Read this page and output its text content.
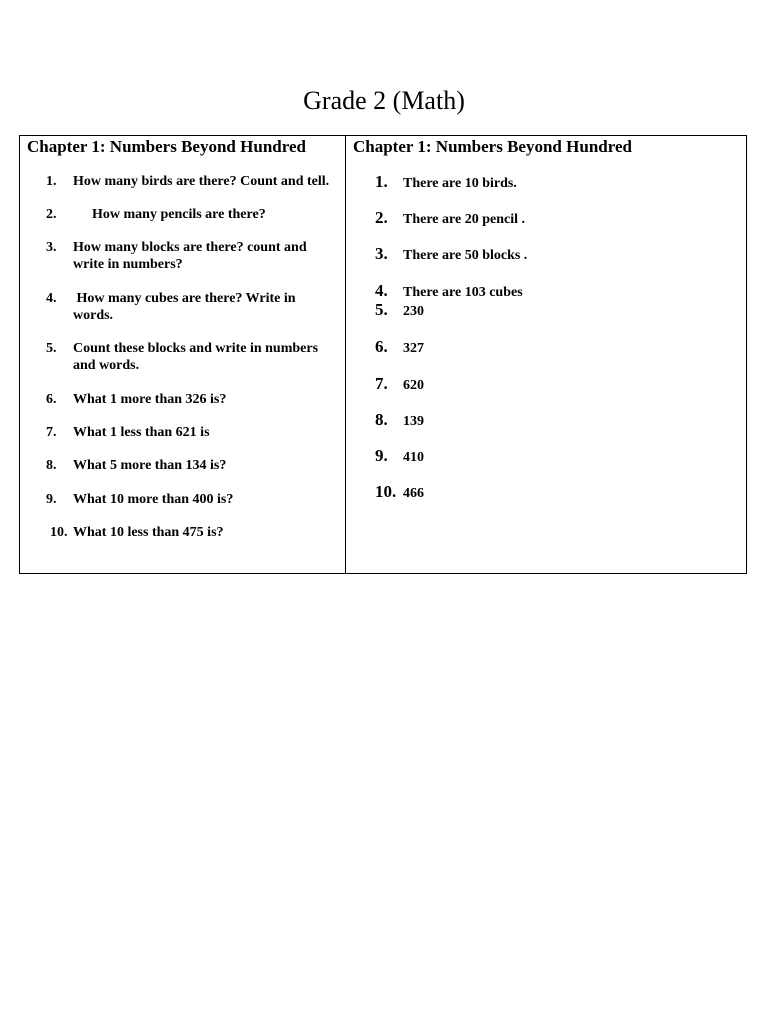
Grade 2 (Math)
Chapter 1: Numbers Beyond Hundred
1.	How many birds are there? Count and tell.
2.	How many pencils are there?
3.	How many blocks are there? count and write in numbers?
4.	How many cubes are there? Write in words.
5.	Count these blocks and write in numbers and words.
6.	What 1 more than 326 is?
7.	What 1 less than 621 is
8.	What 5 more than 134 is?
9.	What 10 more than 400 is?
10. What 10 less than 475 is?
Chapter 1: Numbers Beyond Hundred
1. There are 10 birds.
2. There are 20 pencil .
3. There are 50 blocks .
4. There are 103 cubes
5. 230
6. 327
7. 620
8. 139
9. 410
10. 466
